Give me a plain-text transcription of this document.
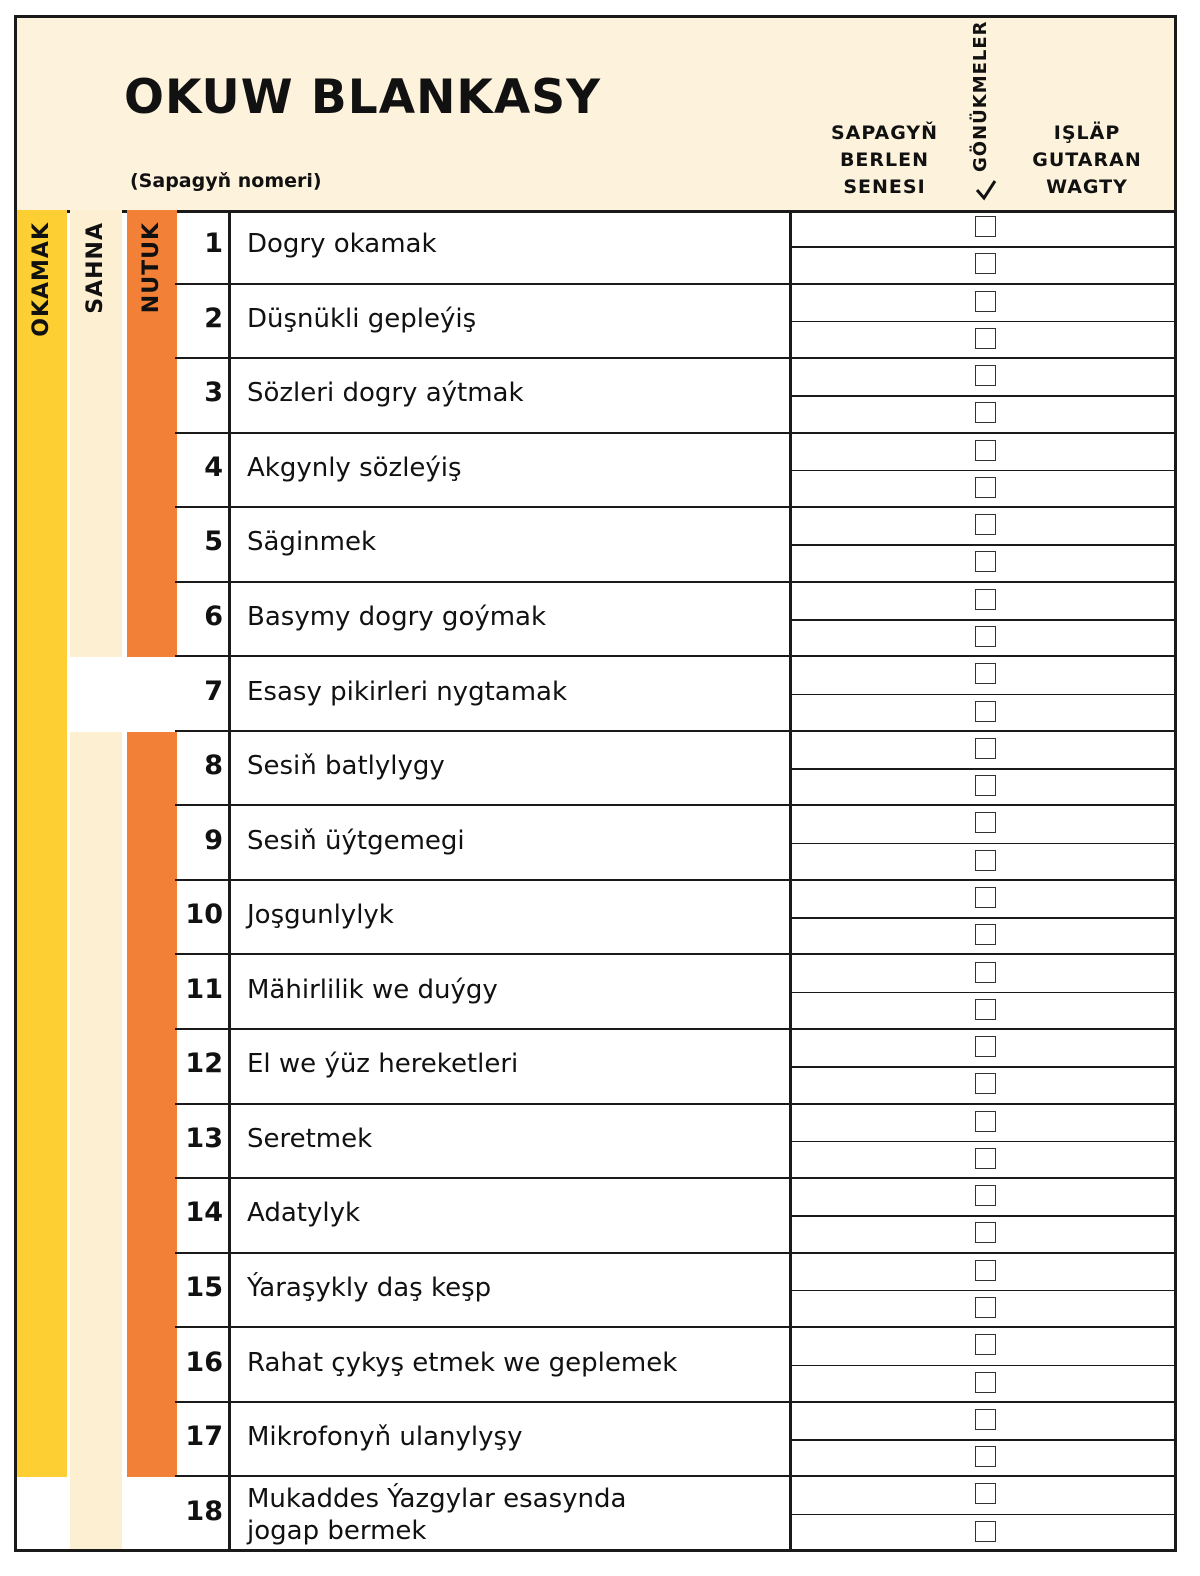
OKUW BLANKASY
(Sapagyň nomeri)
SAPAGYŇ
BERLEN
SENESI
GÖNÜKMELER	IŞLÄP
GUTARAN
WAGTY
OKAMAK SAHNA NUTUK	1 Dogry okamak
2 Düşnükli gepleýiş
3 Sözleri dogry aýtmak
4 Akgynly sözleýiş
5 Säginmek
6 Basymy dogry goýmak
7 Esasy pikirleri nygtamak
8 Sesiň batlylygy
9 Sesiň üýtgemegi
10 Joşgunlylyk
11 Mähirlilik we duýgy
12 El we ýüz hereketleri
13 Seretmek
14 Adatylyk
15 Ýaraşykly daş keşp
16 Rahat çykyş etmek we geplemek
17 Mikrofonyň ulanylyşy
18 Mukaddes Ýazgylar esasynda
jogap bermek
